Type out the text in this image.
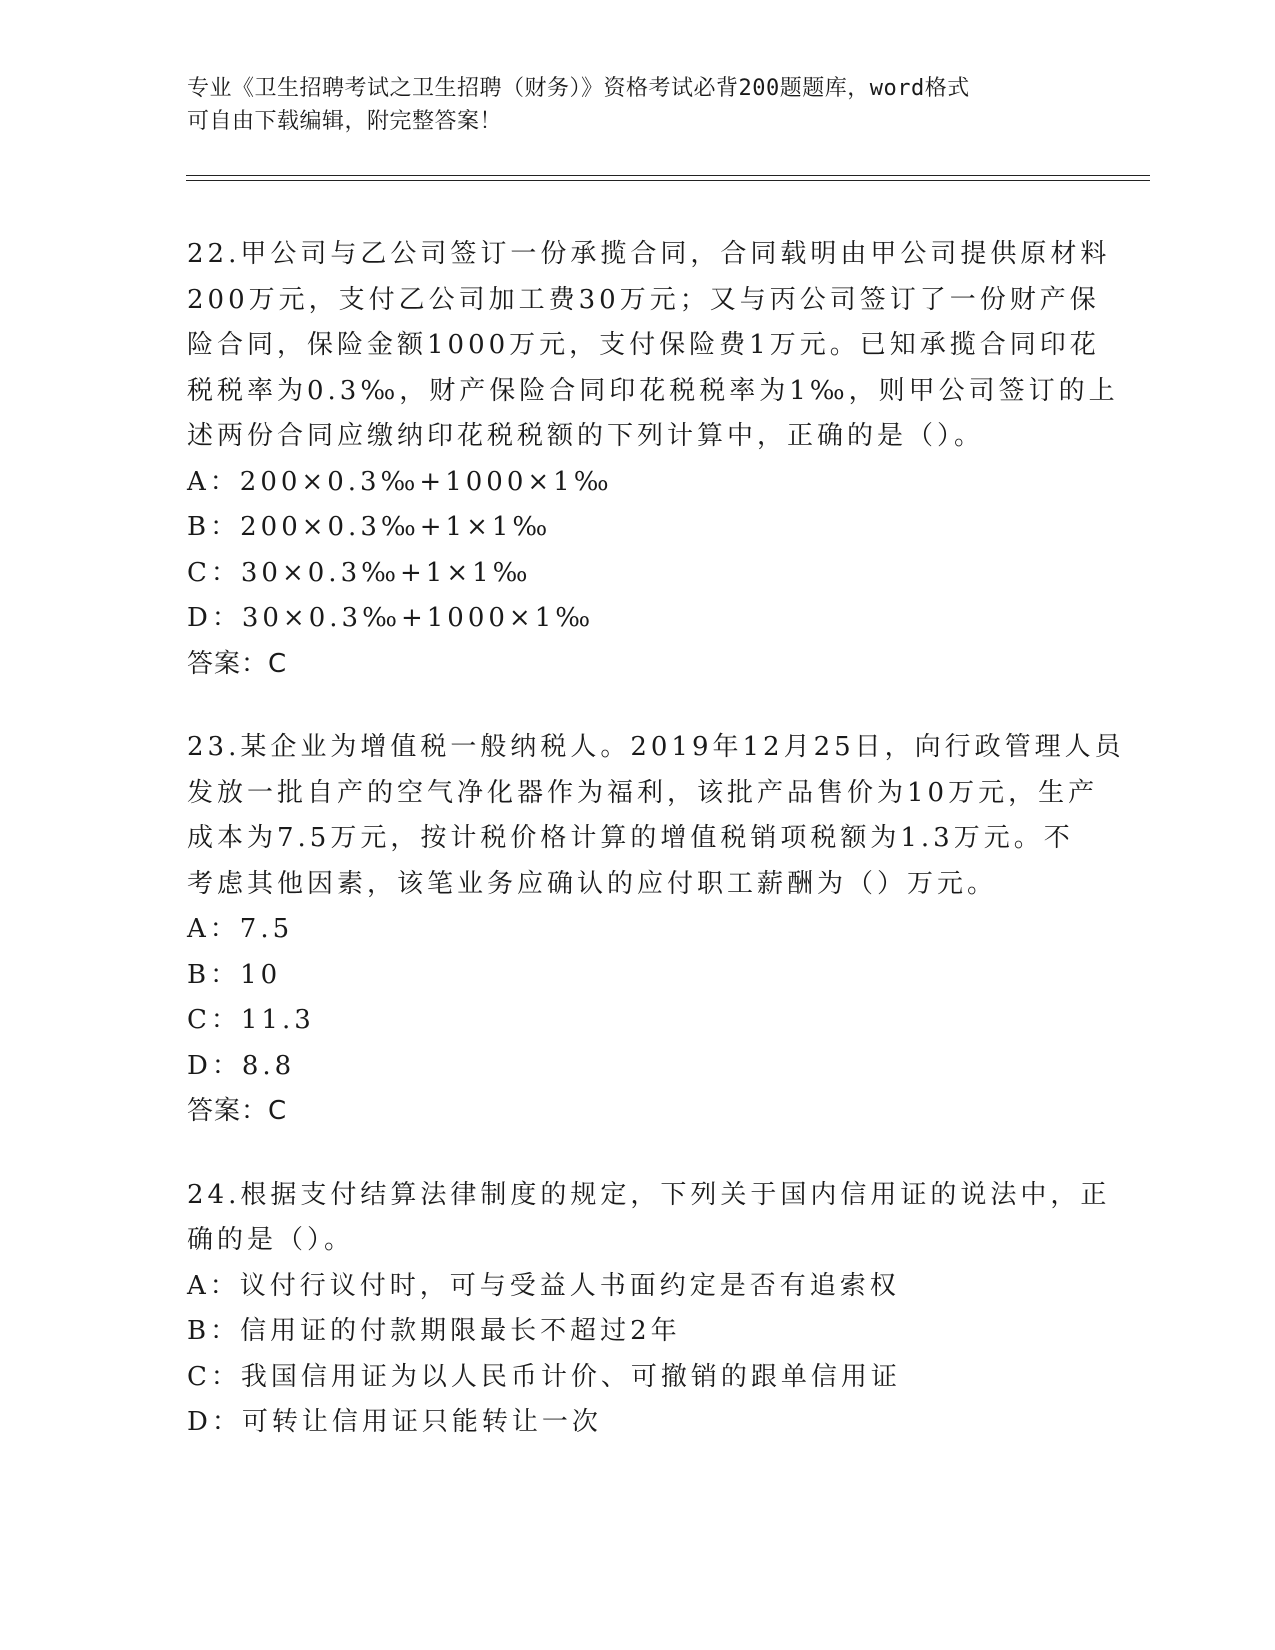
专业《卫生招聘考试之卫生招聘（财务）》资格考试必背200题题库，word格式
可自由下载编辑，附完整答案！
22.甲公司与乙公司签订一份承揽合同，合同载明由甲公司提供原材料
200万元，支付乙公司加工费30万元；又与丙公司签订了一份财产保
险合同，保险金额1000万元，支付保险费1万元。已知承揽合同印花
税税率为0.3‰，财产保险合同印花税税率为1‰，则甲公司签订的上
述两份合同应缴纳印花税税额的下列计算中，正确的是（）。
A：200×0.3‰+1000×1‰
B：200×0.3‰+1×1‰
C：30×0.3‰+1×1‰
D：30×0.3‰+1000×1‰
答案：C
23.某企业为增值税一般纳税人。2019年12月25日，向行政管理人员
发放一批自产的空气净化器作为福利，该批产品售价为10万元，生产
成本为7.5万元，按计税价格计算的增值税销项税额为1.3万元。不
考虑其他因素，该笔业务应确认的应付职工薪酬为（）万元。
A：7.5
B：10
C：11.3
D：8.8
答案：C
24.根据支付结算法律制度的规定，下列关于国内信用证的说法中，正
确的是（）。
A：议付行议付时，可与受益人书面约定是否有追索权
B：信用证的付款期限最长不超过2年
C：我国信用证为以人民币计价、可撤销的跟单信用证
D：可转让信用证只能转让一次
